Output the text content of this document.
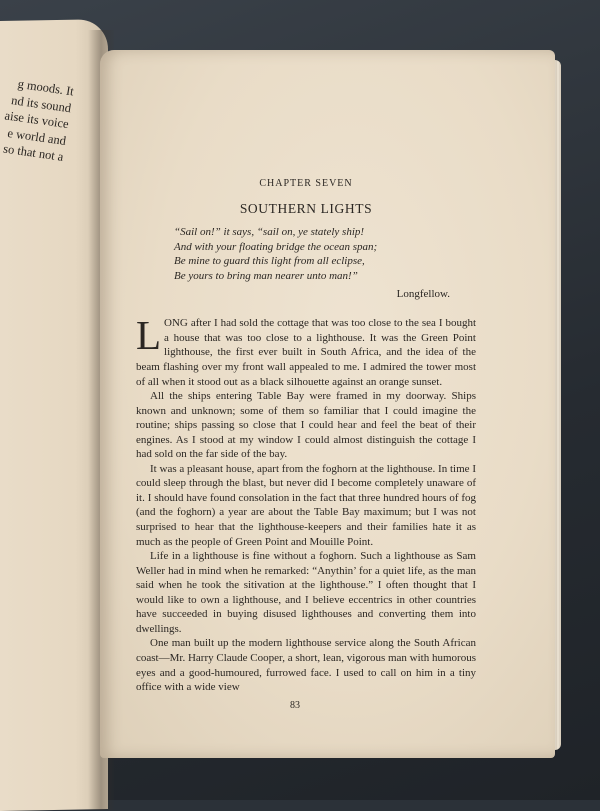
g moods. It
nd its sound
aise its voice
e world and
so that not a
CHAPTER SEVEN
SOUTHERN LIGHTS
“Sail on!” it says, “sail on, ye stately ship!
And with your floating bridge the ocean span;
Be mine to guard this light from all eclipse,
Be yours to bring man nearer unto man!”
Longfellow.

LONG after I had sold the cottage that was too close to the sea I bought a house that was too close to a lighthouse. It was the Green Point lighthouse, the first ever built in South Africa, and the idea of the beam flashing over my front wall appealed to me. I admired the tower most of all when it stood out as a black silhouette against an orange sunset.

All the ships entering Table Bay were framed in my doorway. Ships known and unknown; some of them so familiar that I could imagine the routine; ships passing so close that I could hear and feel the beat of their engines. As I stood at my window I could almost distinguish the cottage I had sold on the far side of the bay.

It was a pleasant house, apart from the foghorn at the lighthouse. In time I could sleep through the blast, but never did I become completely unaware of it. I should have found consolation in the fact that three hundred hours of fog (and the foghorn) a year are about the Table Bay maximum; but I was not surprised to hear that the lighthouse-keepers and their families hate it as much as the people of Green Point and Mouille Point.

Life in a lighthouse is fine without a foghorn. Such a lighthouse as Sam Weller had in mind when he remarked: “Anythin’ for a quiet life, as the man said when he took the sitivation at the lighthouse.” I often thought that I would like to own a lighthouse, and I believe eccentrics in other countries have succeeded in buying disused lighthouses and converting them into dwellings.

One man built up the modern lighthouse service along the South African coast—Mr. Harry Claude Cooper, a short, lean, vigorous man with humorous eyes and a good-humoured, furrowed face. I used to call on him in a tiny office with a wide view

83
